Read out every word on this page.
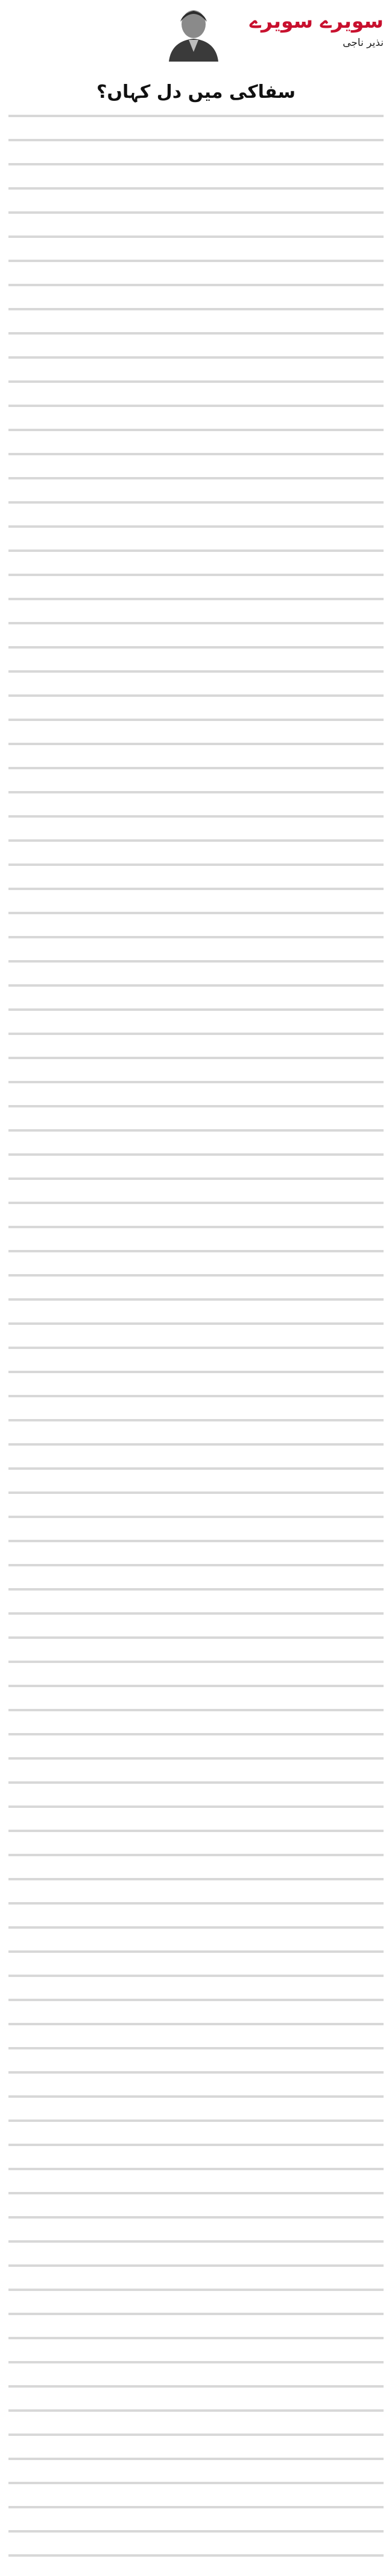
سویرے سویرے
نذیر ناجی
سفاکی میں دل کہاں؟
